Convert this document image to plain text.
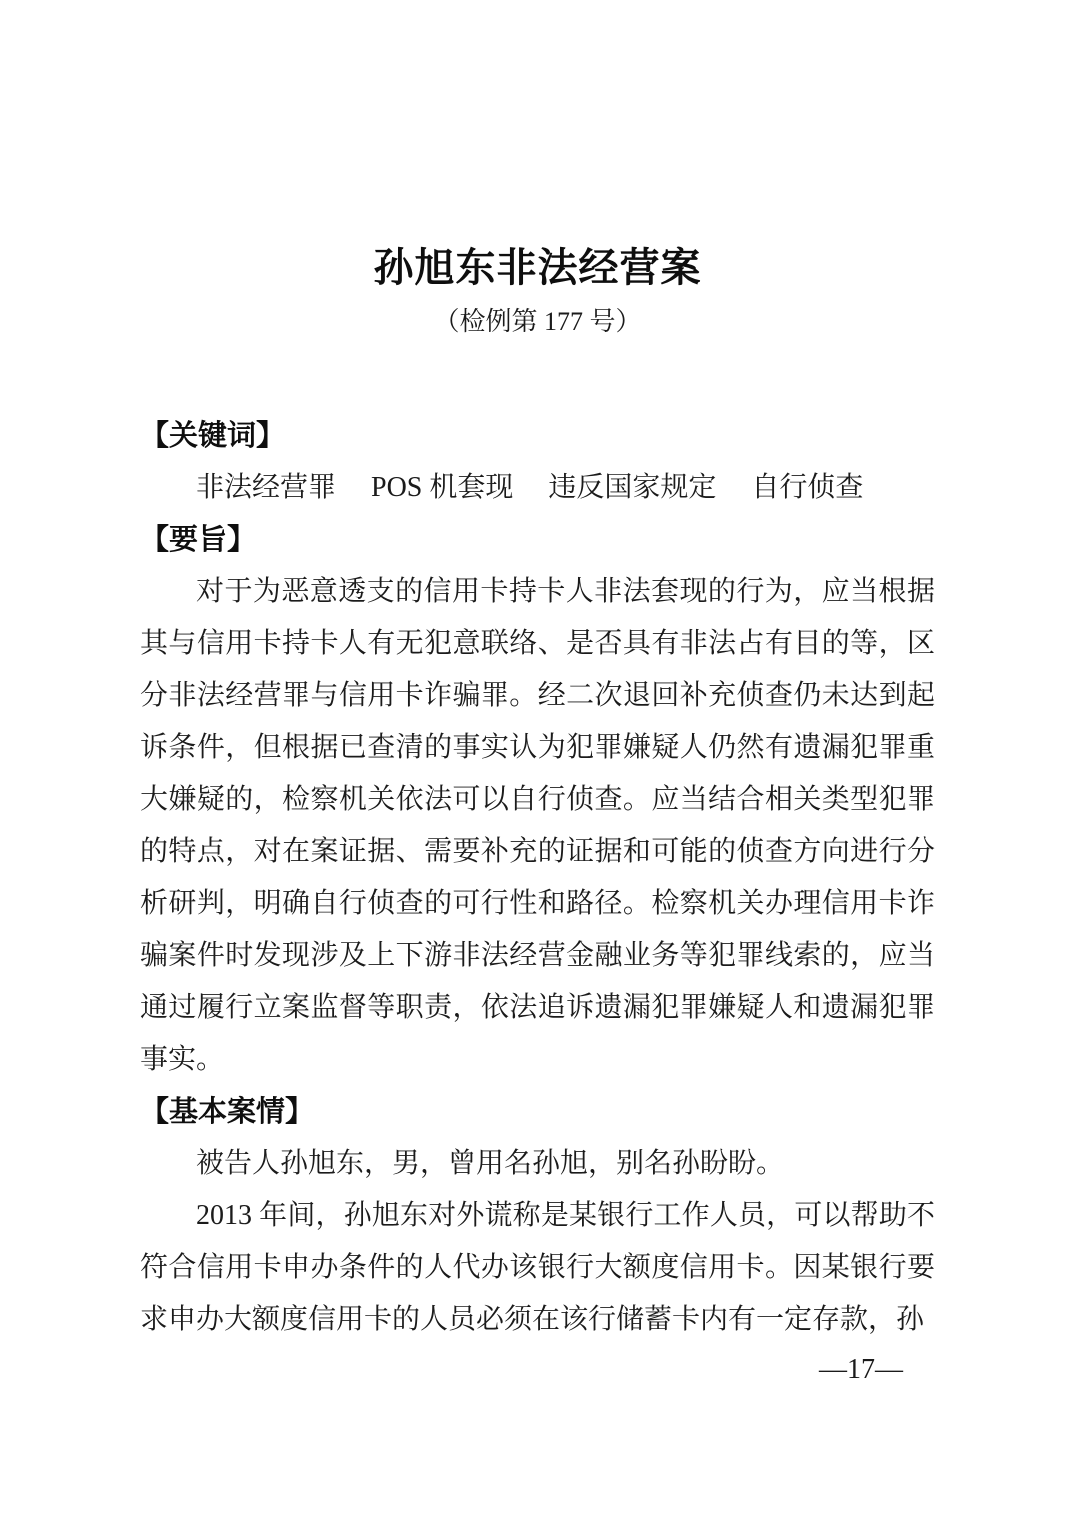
孙旭东非法经营案
（检例第 177 号）
【关键词】

非法经营罪　 POS 机套现　 违反国家规定　 自行侦查

【要旨】

对于为恶意透支的信用卡持卡人非法套现的行为，应当根据其与信用卡持卡人有无犯意联络、是否具有非法占有目的等，区分非法经营罪与信用卡诈骗罪。经二次退回补充侦查仍未达到起诉条件，但根据已查清的事实认为犯罪嫌疑人仍然有遗漏犯罪重大嫌疑的，检察机关依法可以自行侦查。应当结合相关类型犯罪的特点，对在案证据、需要补充的证据和可能的侦查方向进行分析研判，明确自行侦查的可行性和路径。检察机关办理信用卡诈骗案件时发现涉及上下游非法经营金融业务等犯罪线索的，应当通过履行立案监督等职责，依法追诉遗漏犯罪嫌疑人和遗漏犯罪事实。

【基本案情】

被告人孙旭东，男，曾用名孙旭，别名孙盼盼。

2013 年间，孙旭东对外谎称是某银行工作人员，可以帮助不符合信用卡申办条件的人代办该银行大额度信用卡。因某银行要求申办大额度信用卡的人员必须在该行储蓄卡内有一定存款，孙

—17—
